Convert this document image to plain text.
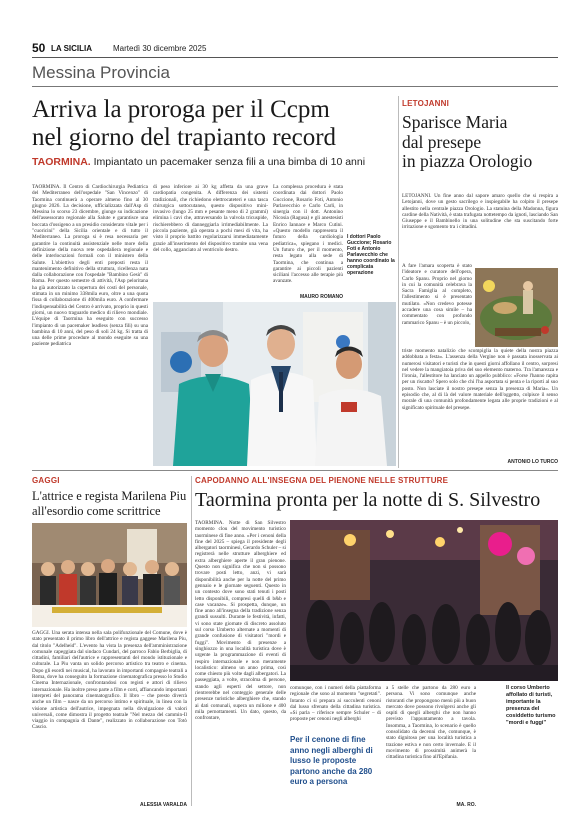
50 LA SICILIA	Martedì 30 dicembre 2025
Messina Provincia
Arriva la proroga per il Ccpm
nel giorno del trapianto record
TAORMINA. Impiantato un pacemaker senza fili a una bimba di 10 anni
TAORMINA. Il Centro di Cardiochirurgia Pediatrica del Mediterraneo dell'ospedale "San Vincenzo" di Taormina continuerà a operare almeno fino al 30 giugno 2026. La decisione, ufficializzata dall'Asp di Messina lo scorso 23 dicembre, giunge su indicazione dell'assessorato regionale alla Salute e garantisce una boccata d'ossigeno a un presidio considerato vitale per i "cuoricini" della Sicilia orientale e di tutto il Mediterraneo. La proroga si è resa necessaria per garantire la continuità assistenziale nelle more della definizione della nuova rete ospedaliera regionale e delle interlocuzioni formali con il ministero della Salute. L'obiettivo degli enti preposti resta il mantenimento definitivo della struttura, ricellenza nata dalla collaborazione con l'ospedale "Bambino Gesù" di Roma. Per questo semestre di attività, l'Asp peloritana ha già autorizzato la copertura dei costi del personale, stimata in un minimo 338mila euro, oltre a una quota fissa di collaborazione di 400mila euro. A confermare l'indispensabilità del Centro è arrivato, proprio in questi giorni, un nuovo traguardo medico di rilievo mondiale. L'équipe di Taormina ha eseguito con successo l'impianto di un pacemaker leadless (senza fili) su una bambina di 10 anni, del peso di soli 24 kg. Si tratta di una delle prime procedure al mondo eseguite su una paziente pediatrica
di peso inferiore ai 30 kg affetta da una grave cardiopatia congenita. A differenza dei sistemi tradizionali, che richiedono elettrocateteri e una tasca chirurgica sottocutanea, questo dispositivo mini-invasivo (lungo 25 mm e pesante meno di 2 grammi) elimina i cavi che, attraversando la valvola tricuspide, rischierebbero di danneggiarla irrimediabilmente. La piccola paziente, già operata a pochi mesi di vita, ha visto il proprio battito regolarizzarsi immediatamente grazie all'inserimento del dispositivo tramite una vena del collo, agganciato al ventricolo destro.
La complessa procedura è stata coordinata dai dottori Paolo Guccione, Rosario Foti, Antonio Parlavecchio e Carlo Carli, in sinergia con il dott. Antonino Nicosia (Ragusa) e gli anestesisti Enrico Iannace e Marco Cutini. «Questo modello rappresenta il futuro della cardiologia pediatrica», spiegano i medici. Un futuro che, per il momento, resta legato alla sede di Taormina, che continua a garantire ai piccoli pazienti siciliani l'accesso alle terapie più avanzate.
I dottori Paolo Guccione; Rosario Foti e Antonio Parlavecchio che hanno coordinato la complicata operazione
MAURO ROMANO
LETOJANNI
Sparisce Maria
dal presepe
in piazza Orologio
LETOJANNI. Un fine anno dal sapore amaro quello che si respira a Letojanni, dove un gesto sacrilego e inspiegabile ha colpito il presepe allestito nella centrale piazza Orologio. La statuina della Madonna, figura cardine della Natività, è stata trafugata nottetempo da ignoti, lasciando San Giuseppe e il Bambinello in una solitudine che sta suscitando forte irritazione e sgomento tra i cittadini.
A fare l'amara scoperta è stato l'ideatore e curatore dell'opera, Carlo Spanu. Proprio nel giorno in cui la comunità celebrava la Sacra Famiglia al completo, l'allestimento si è presentato mutilato. «Non credevo potesse accadere una cosa simile – ha commentato con profondo rammarico Spanu – è un piccolo,
triste momento natalizio che scompiglia la quiete della nostra piazza addobbata a festa». L'assenza della Vergine non è passata inosservata ai numerosi visitatori e turisti che in questi giorni affollano il centro, sorpresi nel vedere la mangiatoia priva del suo elemento materno. Tra l'amarezza e l'ironia, l'allestitore ha lanciato un appello pubblico: «Forse l'hanno rapita per un riscatto? Spero solo che chi l'ha asportata si penta e la riporti al suo posto. Non lasciate il nostro presepe senza la presenza di Maria». Un episodio che, al di là del valore materiale dell'oggetto, colpisce il senso morale di una comunità profondamente legata alle proprie tradizioni e al significato spirituale del presepe.
ANTONIO LO TURCO
GAGGI
L'attrice e regista Marilena Piu
all'esordio come scrittrice
GAGGI. Una serata intensa nella sala polifunzionale del Comune, dove è stato presentato il primo libro dell'attrice e regista gaggese Marilena Piu, dal titolo "Adelheid". L'evento ha vista la presenza dell'amministrazione comunale capeggiata dal sindaco Cundari, del parroco Fabio Berbiglia, di cittadini, familiari dell'autrice e rappresentanti del mondo istituzionale e culturale. La Piu vanta un solido percorso artistico tra teatro e cinema. Dopo gli esordi nei musical, ha lavorato in importanti compagnie teatrali a Roma, dove ha conseguito la formazione cinematografica presso lo Studio Cinema Internazionale, confrontandosi con registi e attori di rilievo internazionale. Ha inoltre preso parte a film e corti, affiancando importanti interpreti del panorama cinematografico. Il libro – che presto diverrà anche un film – nasce da un percorso intimo e spirituale, in linea con la visione artistica dell'autrice, impegnata nella divulgazione di valori universali, come dimostra il progetto teatrale "Nel mezzo del cammin-Il viaggio in compagnia di Dante", realizzato in collaborazione con Totò Cascio.
ALESSIA VARALDA
CAPODANNO ALL'INSEGNA DEL PIENONE NELLE STRUTTURE
Taormina pronta per la notte di S. Silvestro
TAORMINA. Notte di San Silvestro momento clou del movimento turistico taorminese di fine anno. «Per i cenoni della fine del 2025 – spiega il presidente degli albergatori taorminesi, Gerardo Schuler – si registrerà nelle strutture alberghiere ed extra alberghiere aperte il gran pienone. Questo non significa che non si possono trovare posti letto, anzi, vi sarà disponibilità anche per la notte del primo gennaio e le giornate seguenti. Questo in un contesto dove sono stati tenuti i posti letto disponibili, compresi quelli di b&b e case vacanze». Si prospetta, dunque, un fine anno all'insegna della tradizione senza grandi sussulti. Durante le festività, infatti, vi sono state giornate di discreto assoluto sul corso Umberto alternate a momenti di grande confusione di visitatori "mordi e fuggi". Movimento di presenze a singhiozzo in una località turistica dove è urgente la programmazione di eventi di respiro internazionale e non meramente localistico: almeno un anno prima, così come chiesto più volte dagli albergatori. La passeggiata, a volte, stracolma di persone, stando agli esperti del settore, non rientrerebbe nel conteggio generale delle presenze turistiche alberghiere che, stando ai dati comunali, supera un milione e 400 mila pernottamenti. Un dato, questo, da confrontare,
comunque, con i numeri della piattaforma regionale che sono al momento "segretati". Intanto ci si prepara ai succulenti cenoni dal lusso sfrenato della cittadina turistica. «Si parla – riferisce sempre Schuler – di proposte per cenoni negli alberghi
Per il cenone di fine anno negli alberghi di lusso le proposte partono anche da 280 euro a persona
a 5 stelle che partono da 280 euro a persona. Vi sono comunque anche ristoranti che propongono menù più a buon mercato dove possono rivolgersi anche gli ospiti di quegli alberghi che non hanno previsto l'appuntamento a tavola. Insomma, a Taormina, lo scenario è quello consolidato da decenni che, comunque, è stato dignitoso per una località turistica a trazione estiva e non certo invernale. E il movimento di prossimità animerà la cittadina turistica fino all'Epifania.
MA. RO.
Il corso Umberto affollato di turisti, importante la presenza del cosiddetto turismo "mordi e fuggi"
